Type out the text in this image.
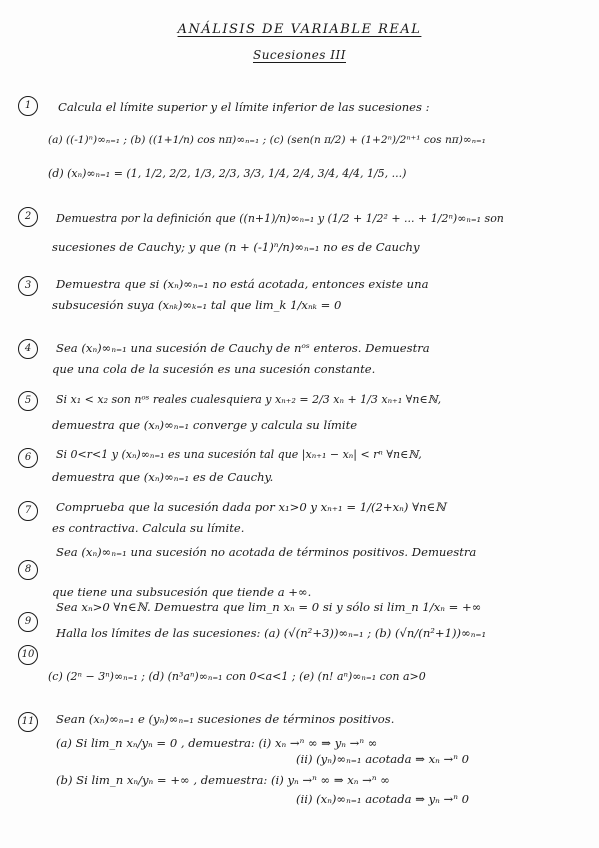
ANÁLISIS DE VARIABLE REAL
Sucesiones III
1	Calcula el límite superior y el límite inferior de las sucesiones :
(a) ((-1)ⁿ)∞ₙ₌₁ ; (b) ((1+1/n) cos nπ)∞ₙ₌₁ ; (c) (sen(n π/2) + (1+2ⁿ)/2ⁿ⁺¹ cos nπ)∞ₙ₌₁
(d) (xₙ)∞ₙ₌₁ = (1, 1/2, 2/2, 1/3, 2/3, 3/3, 1/4, 2/4, 3/4, 4/4, 1/5, ...)
2	Demuestra por la definición que ((n+1)/n)∞ₙ₌₁ y (1/2 + 1/2² + ... + 1/2ⁿ)∞ₙ₌₁ son
sucesiones de Cauchy; y que (n + (-1)ⁿ/n)∞ₙ₌₁ no es de Cauchy
3	Demuestra que si (xₙ)∞ₙ₌₁ no está acotada, entonces existe una
subsucesión suya (xₙₖ)∞ₖ₌₁ tal que lim_k 1/xₙₖ = 0
4	Sea (xₙ)∞ₙ₌₁ una sucesión de Cauchy de nᵒˢ enteros. Demuestra
que una cola de la sucesión es una sucesión constante.
5	Si x₁ < x₂ son nᵒˢ reales cualesquiera y xₙ₊₂ = 2/3 xₙ + 1/3 xₙ₊₁ ∀n∈ℕ,
demuestra que (xₙ)∞ₙ₌₁ converge y calcula su límite
6	Si 0<r<1 y (xₙ)∞ₙ₌₁ es una sucesión tal que |xₙ₊₁ − xₙ| < rⁿ ∀n∈ℕ,
demuestra que (xₙ)∞ₙ₌₁ es de Cauchy.
7	Comprueba que la sucesión dada por x₁>0 y xₙ₊₁ = 1/(2+xₙ) ∀n∈ℕ
es contractiva. Calcula su límite.
8
Sea (xₙ)∞ₙ₌₁ una sucesión no acotada de términos positivos. Demuestra
que tiene una subsucesión que tiende a +∞.
9
Sea xₙ>0 ∀n∈ℕ. Demuestra que lim_n xₙ = 0 si y sólo si lim_n 1/xₙ = +∞
10
Halla los límites de las sucesiones: (a) (√(n²+3))∞ₙ₌₁ ; (b) (√n/(n²+1))∞ₙ₌₁
(c) (2ⁿ − 3ⁿ)∞ₙ₌₁ ; (d) (n³aⁿ)∞ₙ₌₁ con 0<a<1 ; (e) (n! aⁿ)∞ₙ₌₁ con a>0
11	Sean (xₙ)∞ₙ₌₁ e (yₙ)∞ₙ₌₁ sucesiones de términos positivos.
(a) Si lim_n xₙ/yₙ = 0 , demuestra: (i) xₙ →ⁿ ∞ ⇒ yₙ →ⁿ ∞
(ii) (yₙ)∞ₙ₌₁ acotada ⇒ xₙ →ⁿ 0
(b) Si lim_n xₙ/yₙ = +∞ , demuestra: (i) yₙ →ⁿ ∞ ⇒ xₙ →ⁿ ∞
(ii) (xₙ)∞ₙ₌₁ acotada ⇒ yₙ →ⁿ 0
